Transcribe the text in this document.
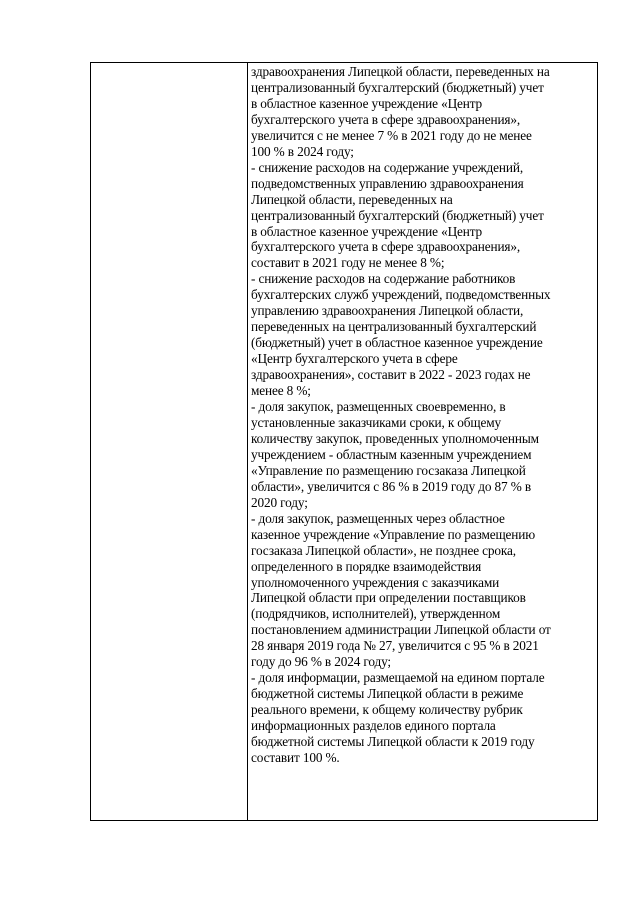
здравоохранения Липецкой области, переведенных на
централизованный бухгалтерский (бюджетный) учет
в областное казенное учреждение «Центр
бухгалтерского учета в сфере здравоохранения»,
увеличится с не менее 7 % в 2021 году до не менее
100 % в 2024 году;
- снижение расходов на содержание учреждений,
подведомственных управлению здравоохранения
Липецкой области, переведенных на
централизованный бухгалтерский (бюджетный) учет
в областное казенное учреждение «Центр
бухгалтерского учета в сфере здравоохранения»,
составит в 2021 году не менее 8 %;
- снижение расходов на содержание работников
бухгалтерских служб учреждений, подведомственных
управлению здравоохранения Липецкой области,
переведенных на централизованный бухгалтерский
(бюджетный) учет в областное казенное учреждение
«Центр бухгалтерского учета в сфере
здравоохранения», составит в 2022 - 2023 годах не
менее 8 %;
- доля закупок, размещенных своевременно, в
установленные заказчиками сроки, к общему
количеству закупок, проведенных уполномоченным
учреждением - областным казенным учреждением
«Управление по размещению госзаказа Липецкой
области», увеличится с 86 % в 2019 году до 87 % в
2020 году;
- доля закупок, размещенных через областное
казенное учреждение «Управление по размещению
госзаказа Липецкой области», не позднее срока,
определенного в порядке взаимодействия
уполномоченного учреждения с заказчиками
Липецкой области при определении поставщиков
(подрядчиков, исполнителей), утвержденном
постановлением администрации Липецкой области от
28 января 2019 года № 27, увеличится с 95 % в 2021
году до 96 % в 2024 году;
- доля информации, размещаемой на едином портале
бюджетной системы Липецкой области в режиме
реального времени, к общему количеству рубрик
информационных разделов единого портала
бюджетной системы Липецкой области к 2019 году
составит 100 %.
